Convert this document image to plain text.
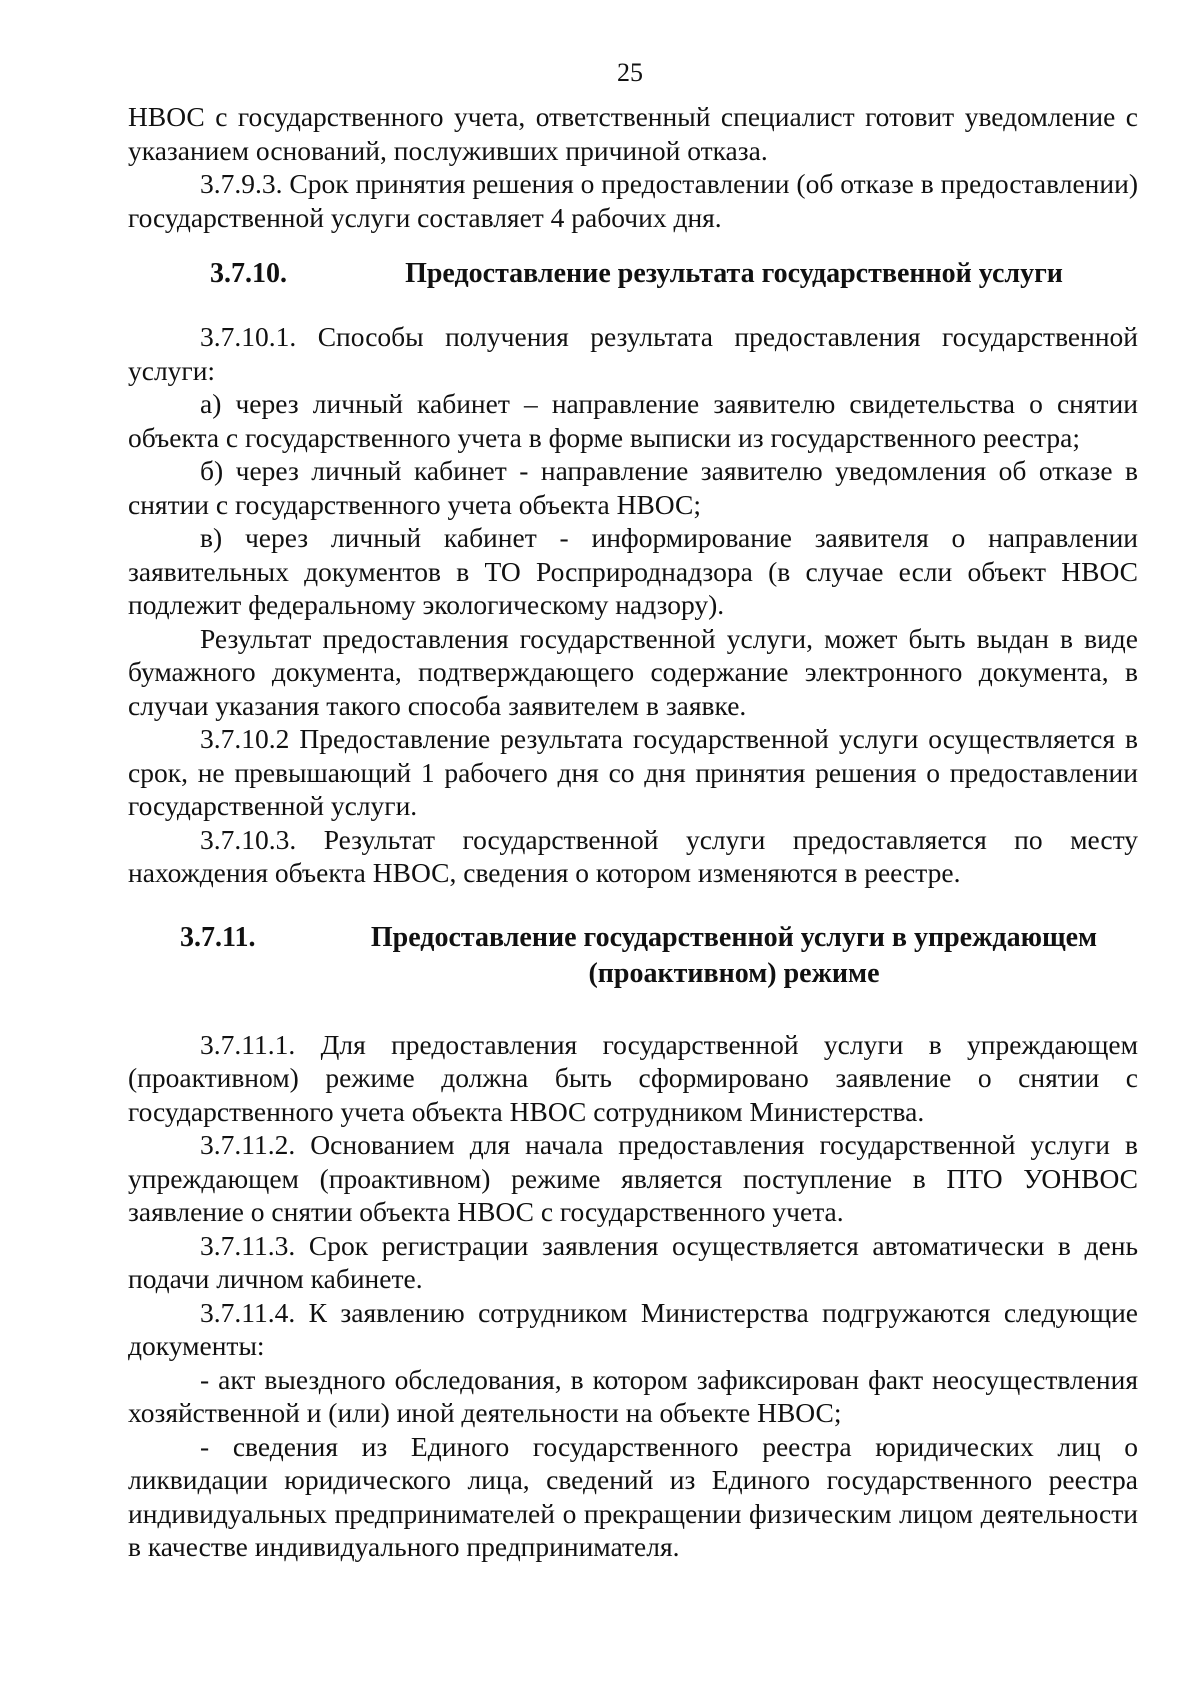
25

НВОС с государственного учета, ответственный специалист готовит уведомление с указанием оснований, послуживших причиной отказа.

3.7.9.3. Срок принятия решения о предоставлении (об отказе в предоставлении) государственной услуги составляет 4 рабочих дня.

3.7.10.	Предоставление результата государственной услуги

3.7.10.1. Способы получения результата предоставления государственной услуги:

а) через личный кабинет – направление заявителю свидетельства о снятии объекта с государственного учета в форме выписки из государственного реестра;

б) через личный кабинет - направление заявителю уведомления об отказе в снятии с государственного учета объекта НВОС;

в) через личный кабинет - информирование заявителя о направлении заявительных документов в ТО Росприроднадзора (в случае если объект НВОС подлежит федеральному экологическому надзору).

Результат предоставления государственной услуги, может быть выдан в виде бумажного документа, подтверждающего содержание электронного документа, в случаи указания такого способа заявителем в заявке.

3.7.10.2 Предоставление результата государственной услуги осуществляется в срок, не превышающий 1 рабочего дня со дня принятия решения о предоставлении государственной услуги.

3.7.10.3. Результат государственной услуги предоставляется по месту нахождения объекта НВОС, сведения о котором изменяются в реестре.

3.7.11.	Предоставление государственной услуги в упреждающем (проактивном) режиме

3.7.11.1. Для предоставления государственной услуги в упреждающем (проактивном) режиме должна быть сформировано заявление о снятии с государственного учета объекта НВОС сотрудником Министерства.

3.7.11.2. Основанием для начала предоставления государственной услуги в упреждающем (проактивном) режиме является поступление в ПТО УОНВОС заявление о снятии объекта НВОС с государственного учета.

3.7.11.3. Срок регистрации заявления осуществляется автоматически в день подачи личном кабинете.

3.7.11.4. К заявлению сотрудником Министерства подгружаются следующие документы:

- акт выездного обследования, в котором зафиксирован факт неосуществления хозяйственной и (или) иной деятельности на объекте НВОС;

- сведения из Единого государственного реестра юридических лиц о ликвидации юридического лица, сведений из Единого государственного реестра индивидуальных предпринимателей о прекращении физическим лицом деятельности в качестве индивидуального предпринимателя.
